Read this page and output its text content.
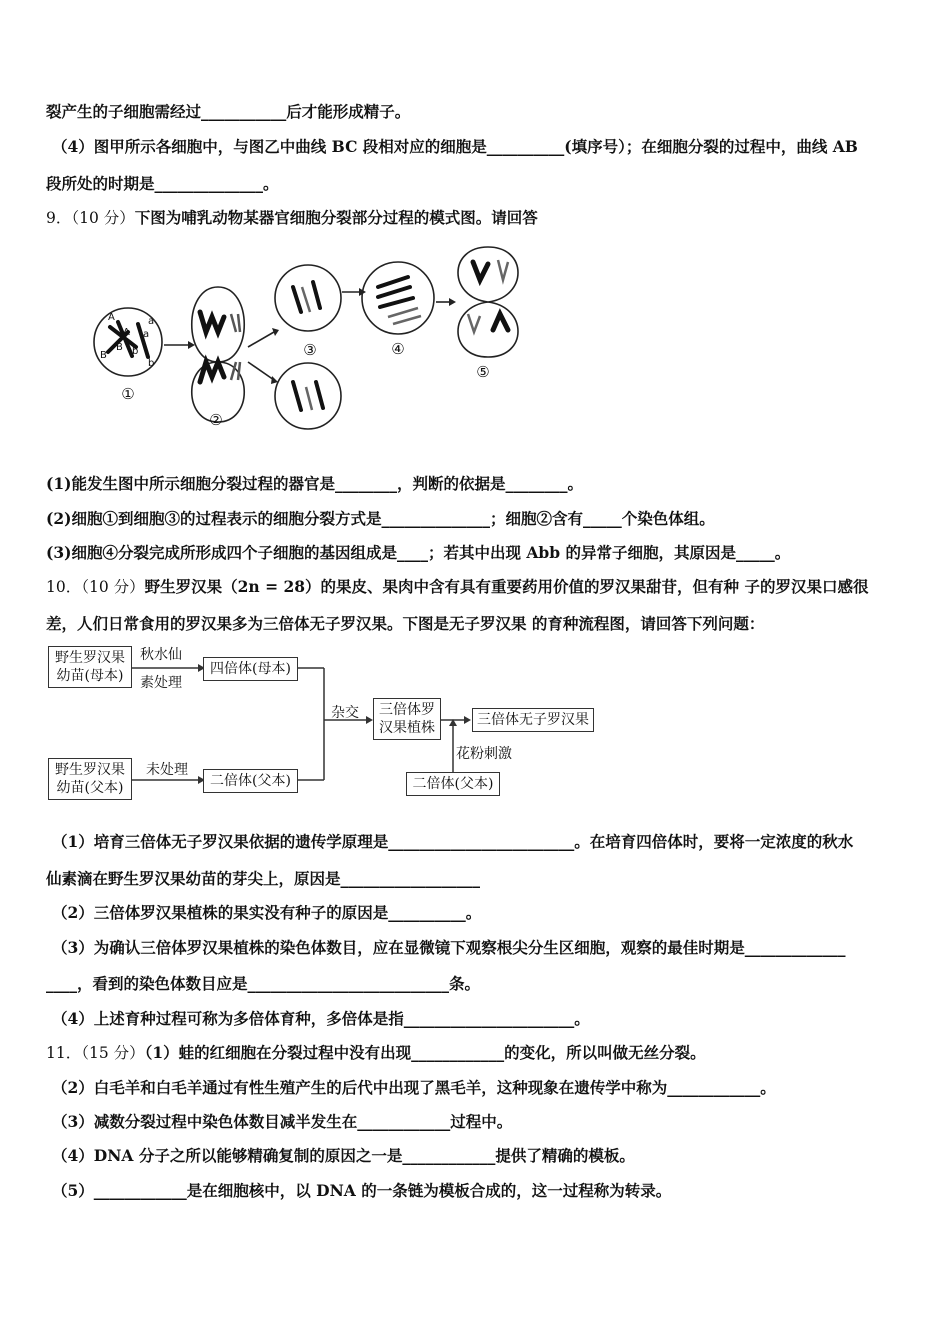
裂产生的子细胞需经过___________后才能形成精子。
（4）图甲所示各细胞中，与图乙中曲线 BC 段相对应的细胞是__________(填序号）；在细胞分裂的过程中，曲线 AB
段所处的时期是______________。
9．（10 分）下图为哺乳动物某器官细胞分裂部分过程的模式图。请回答
A	a
A a
B
B b
b
①
②
③	④
⑤
(1)能发生图中所示细胞分裂过程的器官是________，判断的依据是________。
(2)细胞①到细胞③的过程表示的细胞分裂方式是______________；细胞②含有_____个染色体组。
(3)细胞④分裂完成所形成四个子细胞的基因组成是____；若其中出现 Abb 的异常子细胞，其原因是_____。
10．（10 分）野生罗汉果（2n = 28）的果皮、果肉中含有具有重要药用价值的罗汉果甜苷，但有种 子的罗汉果口感很
差，人们日常食用的罗汉果多为三倍体无子罗汉果。下图是无子罗汉果 的育种流程图，请回答下列问题：
野生罗汉果
幼苗(母本)
秋水仙
素处理
四倍体(母本)
野生罗汉果
幼苗(父本)
未处理
二倍体(父本)
杂交	三倍体罗
汉果植株	三倍体无子罗汉果
花粉刺激
二倍体(父本)
（1）培育三倍体无子罗汉果依据的遗传学原理是________________________。在培育四倍体时，要将一定浓度的秋水
仙素滴在野生罗汉果幼苗的芽尖上，原因是__________________
（2）三倍体罗汉果植株的果实没有种子的原因是__________。
（3）为确认三倍体罗汉果植株的染色体数目，应在显微镜下观察根尖分生区细胞，观察的最佳时期是_____________
____，看到的染色体数目应是__________________________条。
（4）上述育种过程可称为多倍体育种，多倍体是指______________________。
11．（15 分）（1）蛙的红细胞在分裂过程中没有出现____________的变化，所以叫做无丝分裂。
（2）白毛羊和白毛羊通过有性生殖产生的后代中出现了黑毛羊，这种现象在遗传学中称为____________。
（3）减数分裂过程中染色体数目减半发生在____________过程中。
（4）DNA 分子之所以能够精确复制的原因之一是____________提供了精确的模板。
（5）____________是在细胞核中，以 DNA 的一条链为模板合成的，这一过程称为转录。
